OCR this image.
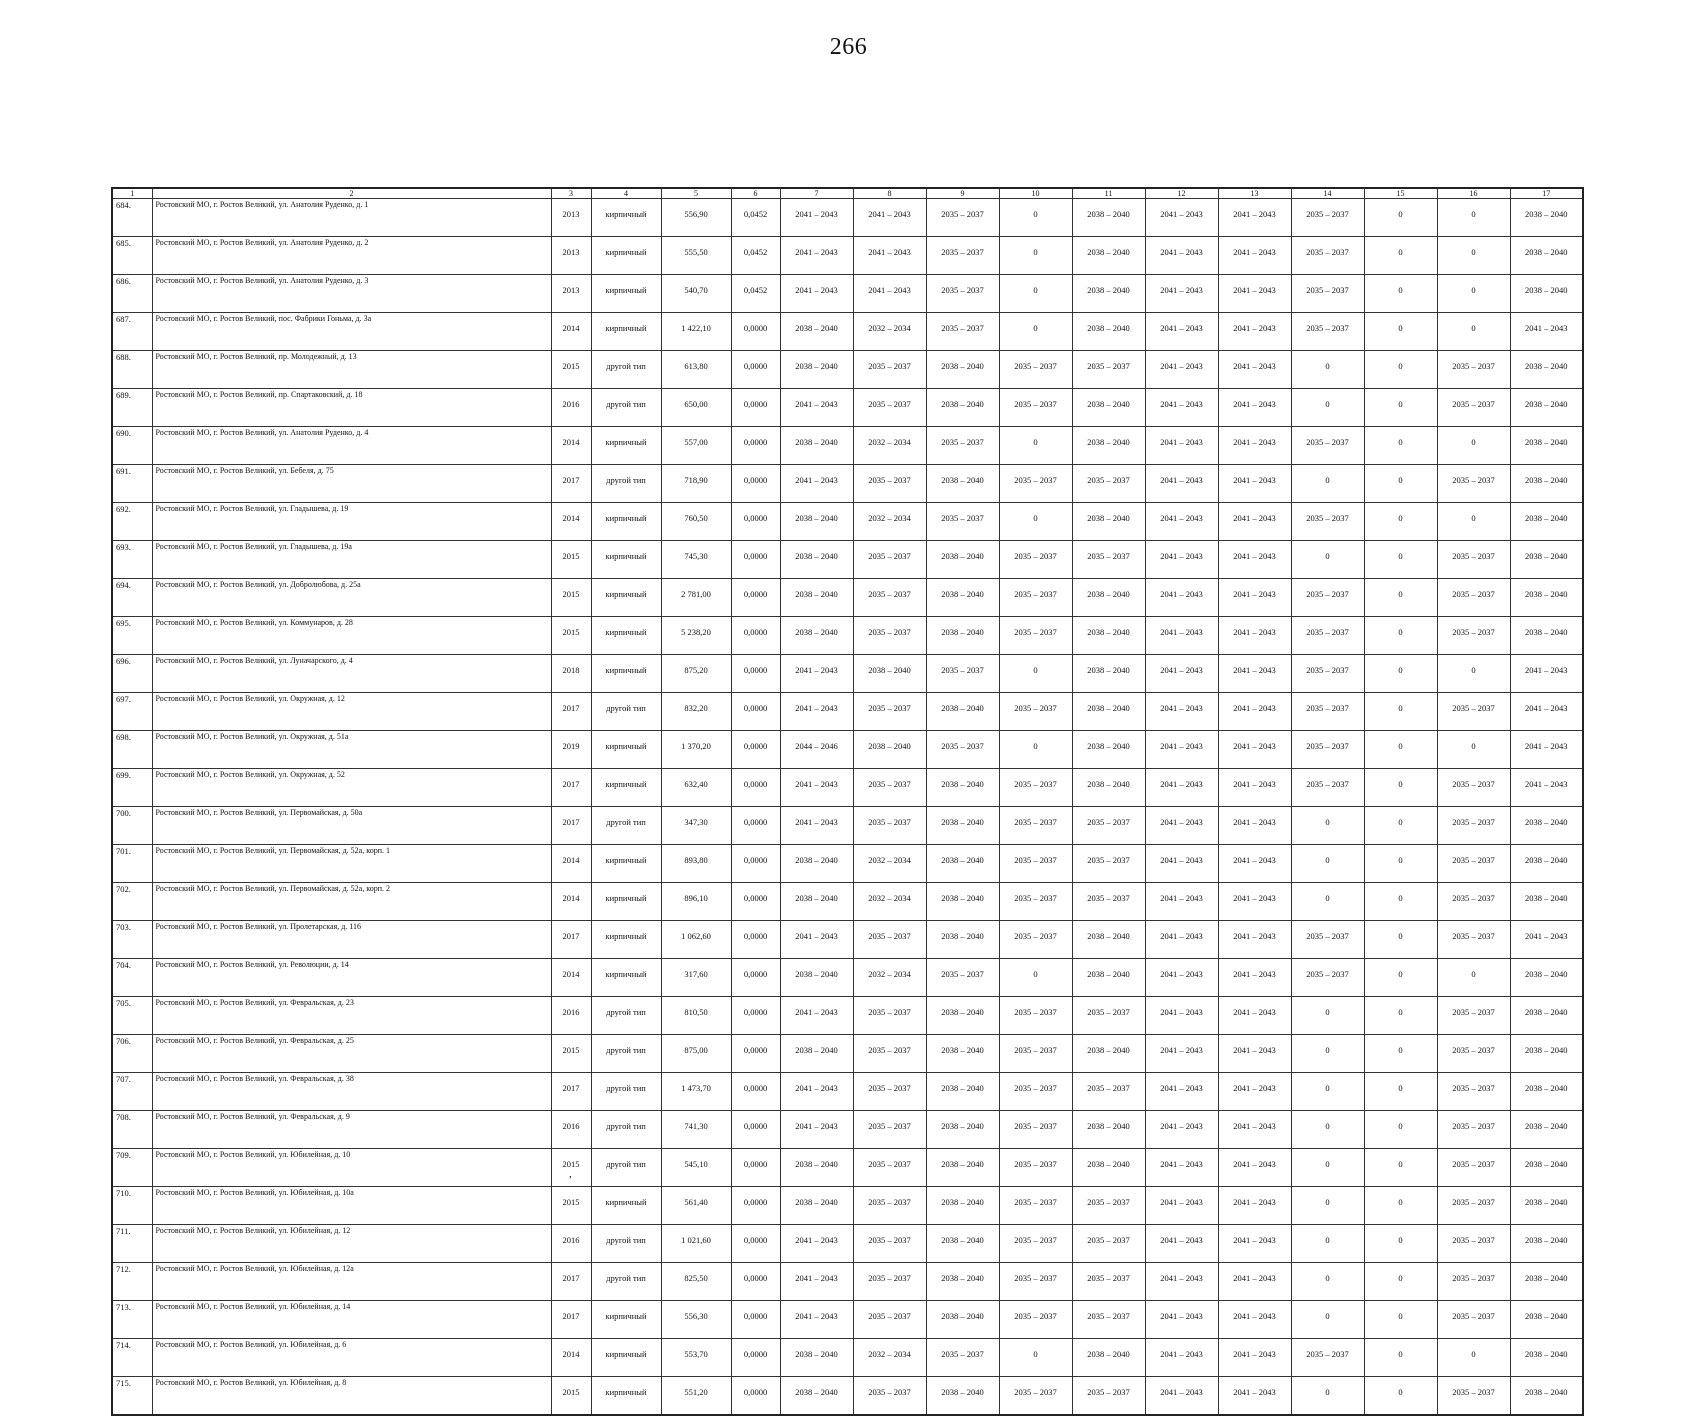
266
1	2	3	4	5	6	7	8	9	10	11	12	13	14	15	16	17
684.	Ростовский МО, г. Ростов Великий, ул. Анатолия Руденко, д. 1	2013	кирпичный	556,90	0,0452	2041 – 2043	2041 – 2043	2035 – 2037	0	2038 – 2040	2041 – 2043	2041 – 2043	2035 – 2037	0	0	2038 – 2040
685.	Ростовский МО, г. Ростов Великий, ул. Анатолия Руденко, д. 2	2013	кирпичный	555,50	0,0452	2041 – 2043	2041 – 2043	2035 – 2037	0	2038 – 2040	2041 – 2043	2041 – 2043	2035 – 2037	0	0	2038 – 2040
686.	Ростовский МО, г. Ростов Великий, ул. Анатолия Руденко, д. 3	2013	кирпичный	540,70	0,0452	2041 – 2043	2041 – 2043	2035 – 2037	0	2038 – 2040	2041 – 2043	2041 – 2043	2035 – 2037	0	0	2038 – 2040
687.	Ростовский МО, г. Ростов Великий, пос. Фабрики Гоньма, д. 3а	2014	кирпичный	1 422,10	0,0000	2038 – 2040	2032 – 2034	2035 – 2037	0	2038 – 2040	2041 – 2043	2041 – 2043	2035 – 2037	0	0	2041 – 2043
688.	Ростовский МО, г. Ростов Великий, пр. Молодежный, д. 13	2015	другой тип	613,80	0,0000	2038 – 2040	2035 – 2037	2038 – 2040	2035 – 2037	2035 – 2037	2041 – 2043	2041 – 2043	0	0	2035 – 2037	2038 – 2040
689.	Ростовский МО, г. Ростов Великий, пр. Спартаковский, д. 18	2016	другой тип	650,00	0,0000	2041 – 2043	2035 – 2037	2038 – 2040	2035 – 2037	2038 – 2040	2041 – 2043	2041 – 2043	0	0	2035 – 2037	2038 – 2040
690.	Ростовский МО, г. Ростов Великий, ул. Анатолия Руденко, д. 4	2014	кирпичный	557,00	0,0000	2038 – 2040	2032 – 2034	2035 – 2037	0	2038 – 2040	2041 – 2043	2041 – 2043	2035 – 2037	0	0	2038 – 2040
691.	Ростовский МО, г. Ростов Великий, ул. Бебеля, д. 75	2017	другой тип	718,90	0,0000	2041 – 2043	2035 – 2037	2038 – 2040	2035 – 2037	2035 – 2037	2041 – 2043	2041 – 2043	0	0	2035 – 2037	2038 – 2040
692.	Ростовский МО, г. Ростов Великий, ул. Гладышева, д. 19	2014	кирпичный	760,50	0,0000	2038 – 2040	2032 – 2034	2035 – 2037	0	2038 – 2040	2041 – 2043	2041 – 2043	2035 – 2037	0	0	2038 – 2040
693.	Ростовский МО, г. Ростов Великий, ул. Гладышева, д. 19а	2015	кирпичный	745,30	0,0000	2038 – 2040	2035 – 2037	2038 – 2040	2035 – 2037	2035 – 2037	2041 – 2043	2041 – 2043	0	0	2035 – 2037	2038 – 2040
694.	Ростовский МО, г. Ростов Великий, ул. Добролюбова, д. 25а	2015	кирпичный	2 781,00	0,0000	2038 – 2040	2035 – 2037	2038 – 2040	2035 – 2037	2038 – 2040	2041 – 2043	2041 – 2043	2035 – 2037	0	2035 – 2037	2038 – 2040
695.	Ростовский МО, г. Ростов Великий, ул. Коммунаров, д. 28	2015	кирпичный	5 238,20	0,0000	2038 – 2040	2035 – 2037	2038 – 2040	2035 – 2037	2038 – 2040	2041 – 2043	2041 – 2043	2035 – 2037	0	2035 – 2037	2038 – 2040
696.	Ростовский МО, г. Ростов Великий, ул. Луначарского, д. 4	2018	кирпичный	875,20	0,0000	2041 – 2043	2038 – 2040	2035 – 2037	0	2038 – 2040	2041 – 2043	2041 – 2043	2035 – 2037	0	0	2041 – 2043
697.	Ростовский МО, г. Ростов Великий, ул. Окружная, д. 12	2017	другой тип	832,20	0,0000	2041 – 2043	2035 – 2037	2038 – 2040	2035 – 2037	2038 – 2040	2041 – 2043	2041 – 2043	2035 – 2037	0	2035 – 2037	2041 – 2043
698.	Ростовский МО, г. Ростов Великий, ул. Окружная, д. 51а	2019	кирпичный	1 370,20	0,0000	2044 – 2046	2038 – 2040	2035 – 2037	0	2038 – 2040	2041 – 2043	2041 – 2043	2035 – 2037	0	0	2041 – 2043
699.	Ростовский МО, г. Ростов Великий, ул. Окружная, д. 52	2017	кирпичный	632,40	0,0000	2041 – 2043	2035 – 2037	2038 – 2040	2035 – 2037	2038 – 2040	2041 – 2043	2041 – 2043	2035 – 2037	0	2035 – 2037	2041 – 2043
700.	Ростовский МО, г. Ростов Великий, ул. Первомайская, д. 50а	2017	другой тип	347,30	0,0000	2041 – 2043	2035 – 2037	2038 – 2040	2035 – 2037	2035 – 2037	2041 – 2043	2041 – 2043	0	0	2035 – 2037	2038 – 2040
701.	Ростовский МО, г. Ростов Великий, ул. Первомайская, д. 52а, корп. 1	2014	кирпичный	893,80	0,0000	2038 – 2040	2032 – 2034	2038 – 2040	2035 – 2037	2035 – 2037	2041 – 2043	2041 – 2043	0	0	2035 – 2037	2038 – 2040
702.	Ростовский МО, г. Ростов Великий, ул. Первомайская, д. 52а, корп. 2	2014	кирпичный	896,10	0,0000	2038 – 2040	2032 – 2034	2038 – 2040	2035 – 2037	2035 – 2037	2041 – 2043	2041 – 2043	0	0	2035 – 2037	2038 – 2040
703.	Ростовский МО, г. Ростов Великий, ул. Пролетарская, д. 116	2017	кирпичный	1 062,60	0,0000	2041 – 2043	2035 – 2037	2038 – 2040	2035 – 2037	2038 – 2040	2041 – 2043	2041 – 2043	2035 – 2037	0	2035 – 2037	2041 – 2043
704.	Ростовский МО, г. Ростов Великий, ул. Революции, д. 14	2014	кирпичный	317,60	0,0000	2038 – 2040	2032 – 2034	2035 – 2037	0	2038 – 2040	2041 – 2043	2041 – 2043	2035 – 2037	0	0	2038 – 2040
705.	Ростовский МО, г. Ростов Великий, ул. Февральская, д. 23	2016	другой тип	810,50	0,0000	2041 – 2043	2035 – 2037	2038 – 2040	2035 – 2037	2035 – 2037	2041 – 2043	2041 – 2043	0	0	2035 – 2037	2038 – 2040
706.	Ростовский МО, г. Ростов Великий, ул. Февральская, д. 25	2015	другой тип	875,00	0,0000	2038 – 2040	2035 – 2037	2038 – 2040	2035 – 2037	2038 – 2040	2041 – 2043	2041 – 2043	0	0	2035 – 2037	2038 – 2040
707.	Ростовский МО, г. Ростов Великий, ул. Февральская, д. 38	2017	другой тип	1 473,70	0,0000	2041 – 2043	2035 – 2037	2038 – 2040	2035 – 2037	2035 – 2037	2041 – 2043	2041 – 2043	0	0	2035 – 2037	2038 – 2040
708.	Ростовский МО, г. Ростов Великий, ул. Февральская, д. 9	2016	другой тип	741,30	0,0000	2041 – 2043	2035 – 2037	2038 – 2040	2035 – 2037	2038 – 2040	2041 – 2043	2041 – 2043	0	0	2035 – 2037	2038 – 2040
709.	Ростовский МО, г. Ростов Великий, ул. Юбилейная, д. 10	2015	другой тип	545,10	0,0000	2038 – 2040	2035 – 2037	2038 – 2040	2035 – 2037	2038 – 2040	2041 – 2043	2041 – 2043	0	0	2035 – 2037	2038 – 2040
710.	Ростовский МО, г. Ростов Великий, ул. Юбилейная, д. 10а	2015	кирпичный	561,40	0,0000	2038 – 2040	2035 – 2037	2038 – 2040	2035 – 2037	2035 – 2037	2041 – 2043	2041 – 2043	0	0	2035 – 2037	2038 – 2040
711.	Ростовский МО, г. Ростов Великий, ул. Юбилейная, д. 12	2016	другой тип	1 021,60	0,0000	2041 – 2043	2035 – 2037	2038 – 2040	2035 – 2037	2035 – 2037	2041 – 2043	2041 – 2043	0	0	2035 – 2037	2038 – 2040
712.	Ростовский МО, г. Ростов Великий, ул. Юбилейная, д. 12а	2017	другой тип	825,50	0,0000	2041 – 2043	2035 – 2037	2038 – 2040	2035 – 2037	2035 – 2037	2041 – 2043	2041 – 2043	0	0	2035 – 2037	2038 – 2040
713.	Ростовский МО, г. Ростов Великий, ул. Юбилейная, д. 14	2017	кирпичный	556,30	0,0000	2041 – 2043	2035 – 2037	2038 – 2040	2035 – 2037	2035 – 2037	2041 – 2043	2041 – 2043	0	0	2035 – 2037	2038 – 2040
714.	Ростовский МО, г. Ростов Великий, ул. Юбилейная, д. 6	2014	кирпичный	553,70	0,0000	2038 – 2040	2032 – 2034	2035 – 2037	0	2038 – 2040	2041 – 2043	2041 – 2043	2035 – 2037	0	0	2038 – 2040
715.	Ростовский МО, г. Ростов Великий, ул. Юбилейная, д. 8	2015	кирпичный	551,20	0,0000	2038 – 2040	2035 – 2037	2038 – 2040	2035 – 2037	2035 – 2037	2041 – 2043	2041 – 2043	0	0	2035 – 2037	2038 – 2040
,
